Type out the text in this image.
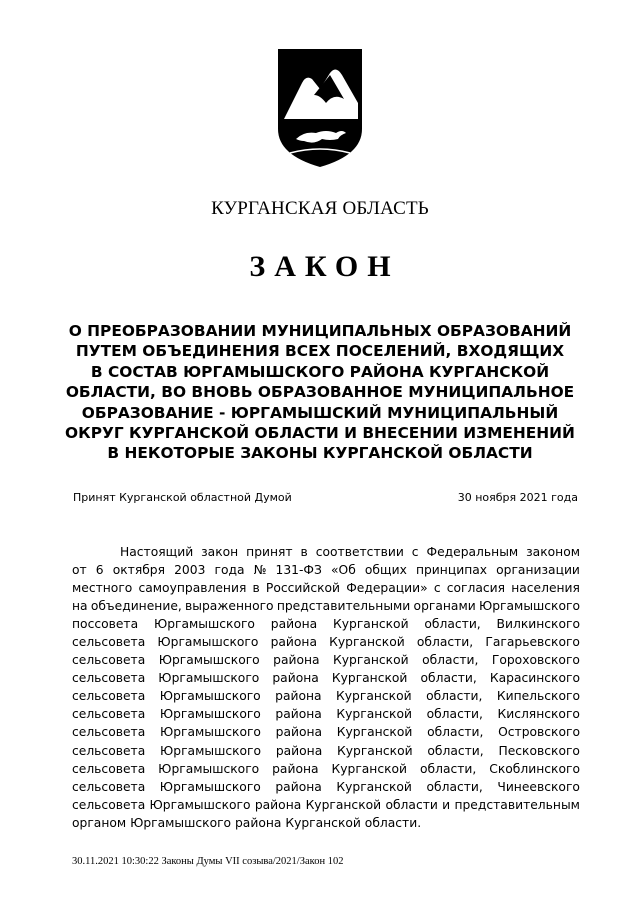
КУРГАНСКАЯ ОБЛАСТЬ
ЗАКОН
О ПРЕОБРАЗОВАНИИ МУНИЦИПАЛЬНЫХ ОБРАЗОВАНИЙ
ПУТЕМ ОБЪЕДИНЕНИЯ ВСЕХ ПОСЕЛЕНИЙ, ВХОДЯЩИХ
В СОСТАВ ЮРГАМЫШСКОГО РАЙОНА КУРГАНСКОЙ
ОБЛАСТИ, ВО ВНОВЬ ОБРАЗОВАННОЕ МУНИЦИПАЛЬНОЕ
ОБРАЗОВАНИЕ - ЮРГАМЫШСКИЙ МУНИЦИПАЛЬНЫЙ
ОКРУГ КУРГАНСКОЙ ОБЛАСТИ И ВНЕСЕНИИ ИЗМЕНЕНИЙ
В НЕКОТОРЫЕ ЗАКОНЫ КУРГАНСКОЙ ОБЛАСТИ
Принят Курганской областной Думой	30 ноября 2021 года
Настоящий закон принят в соответствии с Федеральным законом
от 6 октября 2003 года № 131-ФЗ «Об общих принципах организации
местного самоуправления в Российской Федерации» с согласия населения
на объединение, выраженного представительными органами Юргамышского
поссовета Юргамышского района Курганской области, Вилкинского
сельсовета Юргамышского района Курганской области, Гагарьевского
сельсовета Юргамышского района Курганской области, Гороховского
сельсовета Юргамышского района Курганской области, Карасинского
сельсовета Юргамышского района Курганской области, Кипельского
сельсовета Юргамышского района Курганской области, Кислянского
сельсовета Юргамышского района Курганской области, Островского
сельсовета Юргамышского района Курганской области, Песковского
сельсовета Юргамышского района Курганской области, Скоблинского
сельсовета Юргамышского района Курганской области, Чинеевского
сельсовета Юргамышского района Курганской области и представительным
органом Юргамышского района Курганской области.
30.11.2021 10:30:22 Законы Думы VII созыва/2021/Закон 102
